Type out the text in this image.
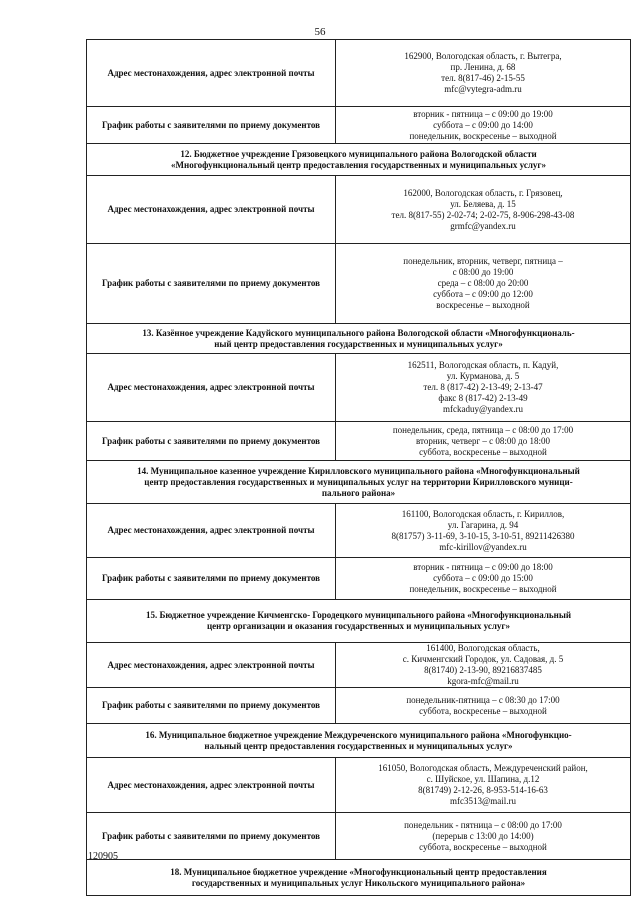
56
Адрес местонахождения, адрес электронной почты	162900, Вологодская область, г. Вытегра,
пр. Ленина, д. 68
тел. 8(817-46) 2-15-55
mfc@vytegra-adm.ru

График работы с заявителями по приему документов	вторник - пятница – с 09:00 до 19:00
суббота – с 09:00 до 14:00
понедельник, воскресенье – выходной

12. Бюджетное учреждение Грязовецкого муниципального района Вологодской области
«Многофункциональный центр предоставления государственных и муниципальных услуг»	

Адрес местонахождения, адрес электронной почты	162000, Вологодская область, г. Грязовец,
ул. Беляева, д. 15
тел. 8(817-55) 2-02-74; 2-02-75, 8-906-298-43-08
grmfc@yandex.ru

График работы с заявителями по приему документов	понедельник, вторник, четверг, пятница –
с 08:00 до 19:00
среда – с 08:00 до 20:00
суббота – с 09:00 до 12:00
воскресенье – выходной

13. Казённое учреждение Кадуйского муниципального района Вологодской области «Многофункциональ-
ный центр предоставления государственных и муниципальных услуг»	

Адрес местонахождения, адрес электронной почты	162511, Вологодская область, п. Кадуй,
ул. Курманова, д. 5
тел. 8 (817-42) 2-13-49; 2-13-47
факс 8 (817-42) 2-13-49
mfckaduy@yandex.ru

График работы с заявителями по приему документов	понедельник, среда, пятница – с 08:00 до 17:00
вторник, четверг – с 08:00 до 18:00
суббота, воскресенье – выходной

14. Муниципальное казенное учреждение Кирилловского муниципального района «Многофункциональный
центр предоставления государственных и муниципальных услуг на территории Кирилловского муници-
пального района»	

Адрес местонахождения, адрес электронной почты	161100, Вологодская область, г. Кириллов,
ул. Гагарина, д. 94
8(81757) 3-11-69, 3-10-15, 3-10-51, 89211426380
mfc-kirillov@yandex.ru

График работы с заявителями по приему документов	вторник - пятница – с 09:00 до 18:00
суббота – с 09:00 до 15:00
понедельник, воскресенье – выходной

15. Бюджетное учреждение Кичменгско- Городецкого муниципального района «Многофункциональный
центр организации и оказания государственных и муниципальных услуг»	

Адрес местонахождения, адрес электронной почты	161400, Вологодская область,
с. Кичменгский Городок, ул. Садовая, д. 5
8(81740) 2-13-90, 89216837485
kgora-mfc@mail.ru

График работы с заявителями по приему документов	понедельник-пятница – с 08:30 до 17:00
суббота, воскресенье – выходной

16. Муниципальное бюджетное учреждение Междуреченского муниципального района «Многофункцио-
нальный центр предоставления государственных и муниципальных услуг»	

Адрес местонахождения, адрес электронной почты	161050, Вологодская область, Междуреченский район,
с. Шуйское, ул. Шапина, д.12
8(81749) 2-12-26, 8-953-514-16-63
mfc3513@mail.ru

График работы с заявителями по приему документов	понедельник - пятница – с 08:00 до 17:00
(перерыв с 13:00 до 14:00)
суббота, воскресенье – выходной

18. Муниципальное бюджетное учреждение «Многофункциональный центр предоставления
государственных и муниципальных услуг Никольского муниципального района»	
120905
